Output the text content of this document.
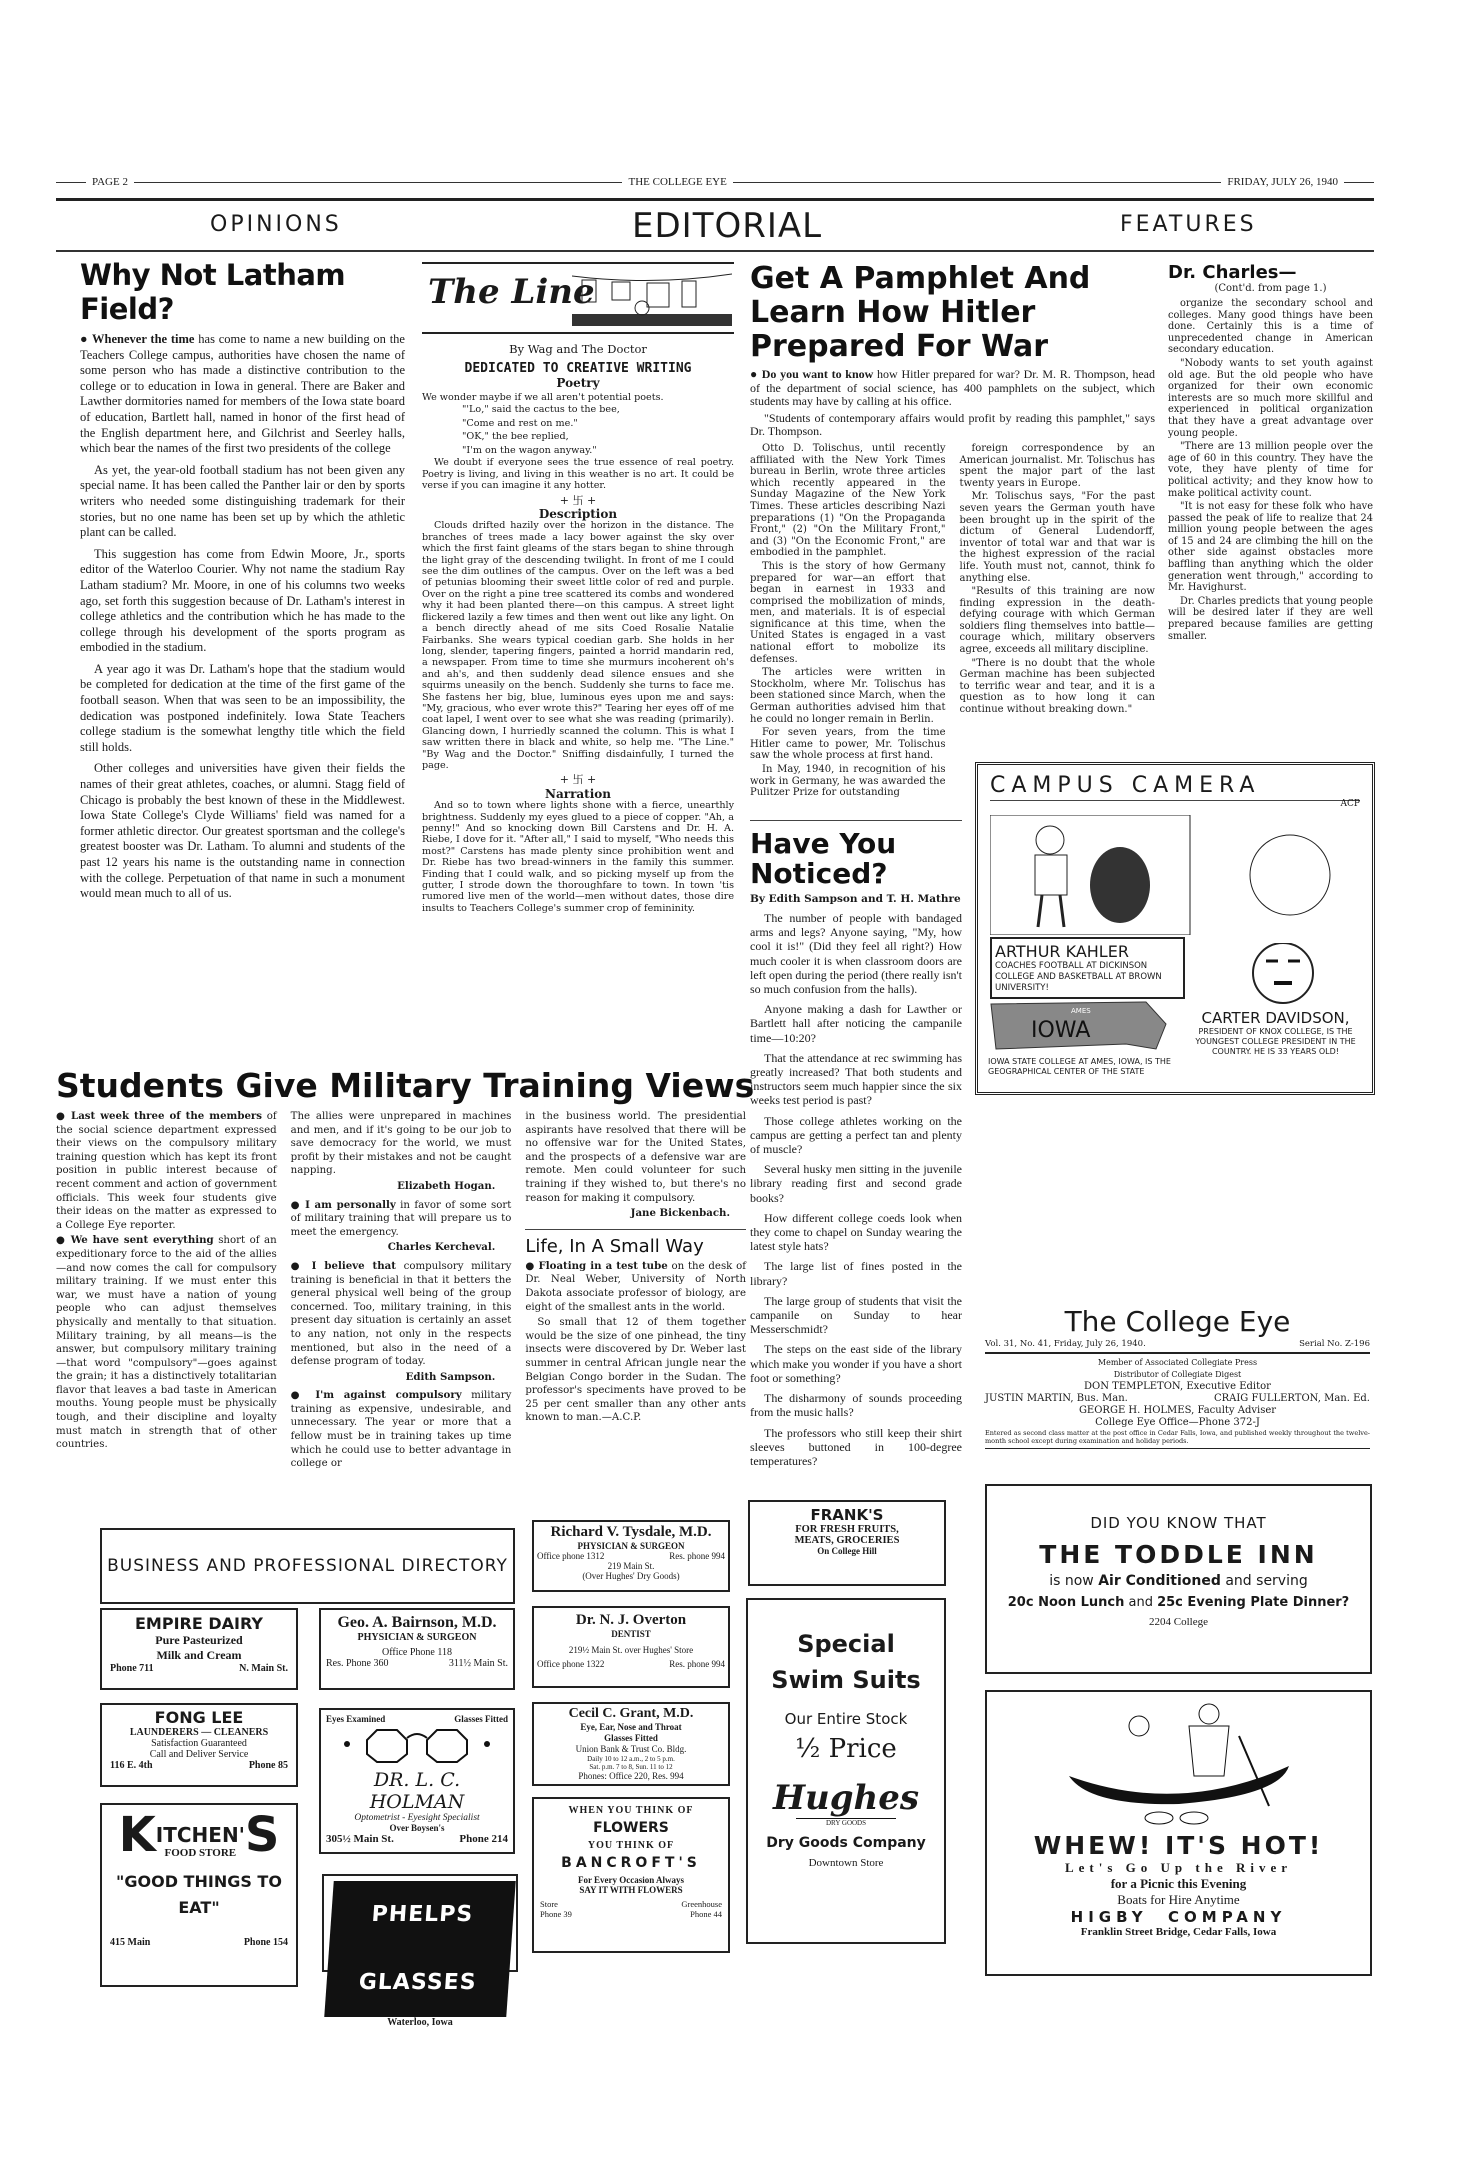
PAGE 2	THE COLLEGE EYE	FRIDAY, JULY 26, 1940
OPINIONS	EDITORIAL	FEATURES
Why Not Latham Field?

● Whenever the time has come to name a new building on the Teachers College campus, authorities have chosen the name of some person who has made a distinctive contribution to the college or to education in Iowa in general. There are Baker and Lawther dormitories named for members of the Iowa state board of education, Bartlett hall, named in honor of the first head of the English department here, and Gilchrist and Seerley halls, which bear the names of the first two presidents of the college

As yet, the year-old football stadium has not been given any special name. It has been called the Panther lair or den by sports writers who needed some distinguishing trademark for their stories, but no one name has been set up by which the athletic plant can be called.

This suggestion has come from Edwin Moore, Jr., sports editor of the Waterloo Courier. Why not name the stadium Ray Latham stadium? Mr. Moore, in one of his columns two weeks ago, set forth this suggestion because of Dr. Latham's interest in college athletics and the contribution which he has made to the college through his development of the sports program as embodied in the stadium.

A year ago it was Dr. Latham's hope that the stadium would be completed for dedication at the time of the first game of the football season. When that was seen to be an impossibility, the dedication was postponed indefinitely. Iowa State Teachers college stadium is the somewhat lengthy title which the field still holds.

Other colleges and universities have given their fields the names of their great athletes, coaches, or alumni. Stagg field of Chicago is probably the best known of these in the Middlewest. Iowa State College's Clyde Williams' field was named for a former athletic director. Our greatest sportsman and the college's greatest booster was Dr. Latham. To alumni and students of the past 12 years his name is the outstanding name in connection with the college. Perpetuation of that name in such a monument would mean much to all of us.

The Line
By Wag and The Doctor
DEDICATED TO CREATIVE WRITING
Poetry
We wonder maybe if we all aren't potential poets.
"'Lo," said the cactus to the bee,
"Come and rest on me."
"OK," the bee replied,
"I'm on the wagon anyway."

We doubt if everyone sees the true essence of real poetry. Poetry is living, and living in this weather is no art. It could be verse if you can imagine it any hotter.

+ 卐 +
Description

Clouds drifted hazily over the horizon in the distance. The branches of trees made a lacy bower against the sky over which the first faint gleams of the stars began to shine through the light gray of the descending twilight. In front of me I could see the dim outlines of the campus. Over on the left was a bed of petunias blooming their sweet little color of red and purple. Over on the right a pine tree scattered its combs and wondered why it had been planted there—on this campus. A street light flickered lazily a few times and then went out like any light. On a bench directly ahead of me sits Coed Rosalie Natalie Fairbanks. She wears typical coedian garb. She holds in her long, slender, tapering fingers, painted a horrid mandarin red, a newspaper. From time to time she murmurs incoherent oh's and ah's, and then suddenly dead silence ensues and she squirms uneasily on the bench. Suddenly she turns to face me. She fastens her big, blue, luminous eyes upon me and says: "My, gracious, who ever wrote this?" Tearing her eyes off of me coat lapel, I went over to see what she was reading (primarily). Glancing down, I hurriedly scanned the column. This is what I saw written there in black and white, so help me. "The Line." "By Wag and the Doctor." Sniffing disdainfully, I turned the page.

+ 卐 +
Narration

And so to town where lights shone with a fierce, unearthly brightness. Suddenly my eyes glued to a piece of copper. "Ah, a penny!" And so knocking down Bill Carstens and Dr. H. A. Riebe, I dove for it. "After all," I said to myself, "Who needs this most?" Carstens has made plenty since prohibition went and Dr. Riebe has two bread-winners in the family this summer. Finding that I could walk, and so picking myself up from the gutter, I strode down the thoroughfare to town. In town 'tis rumored live men of the world—men without dates, those dire insults to Teachers College's summer crop of femininity.

Get A Pamphlet And Learn How Hitler Prepared For War

● Do you want to know how Hitler prepared for war? Dr. M. R. Thompson, head of the department of social science, has 400 pamphlets on the subject, which students may have by calling at his office.

"Students of contemporary affairs would profit by reading this pamphlet," says Dr. Thompson.

Otto D. Tolischus, until recently affiliated with the New York Times bureau in Berlin, wrote three articles which recently appeared in the Sunday Magazine of the New York Times. These articles describing Nazi preparations (1) "On the Propaganda Front," (2) "On the Military Front," and (3) "On the Economic Front," are embodied in the pamphlet.

This is the story of how Germany prepared for war—an effort that began in earnest in 1933 and comprised the mobilization of minds, men, and materials. It is of especial significance at this time, when the United States is engaged in a vast national effort to mobolize its defenses.

The articles were written in Stockholm, where Mr. Tolischus has been stationed since March, when the German authorities advised him that he could no longer remain in Berlin.

For seven years, from the time Hitler came to power, Mr. Tolischus saw the whole process at first hand.

In May, 1940, in recognition of his work in Germany, he was awarded the Pulitzer Prize for outstanding

foreign correspondence by an American journalist. Mr. Tolischus has spent the major part of the last twenty years in Europe.

Mr. Tolischus says, "For the past seven years the German youth have been brought up in the spirit of the dictum of General Ludendorff, inventor of total war and that war is the highest expression of the racial life. Youth must not, cannot, think fo anything else.

"Results of this training are now finding expression in the death-defying courage with which German soldiers fling themselves into battle—courage which, military observers agree, exceeds all military discipline.

"There is no doubt that the whole German machine has been subjected to terrific wear and tear, and it is a question as to how long it can continue without breaking down."

Dr. Charles—
(Cont'd. from page 1.)

organize the secondary school and colleges. Many good things have been done. Certainly this is a time of unprecedented change in American secondary education.

"Nobody wants to set youth against old age. But the old people who have organized for their own economic interests are so much more skillful and experienced in political organization that they have a great advantage over young people.

"There are 13 million people over the age of 60 in this country. They have the vote, they have plenty of time for political activity; and they know how to make political activity count.

"It is not easy for these folk who have passed the peak of life to realize that 24 million young people between the ages of 15 and 24 are climbing the hill on the other side against obstacles more baffling than anything which the older generation went through," according to Mr. Havighurst.

Dr. Charles predicts that young people will be desired later if they are well prepared because families are getting smaller.

Have You Noticed?
By Edith Sampson and T. H. Mathre

The number of people with bandaged arms and legs? Anyone saying, "My, how cool it is!" (Did they feel all right?) How much cooler it is when classroom doors are left open during the period (there really isn't so much confusion from the halls).

Anyone making a dash for Lawther or Bartlett hall after noticing the campanile time—10:20?

That the attendance at rec swimming has greatly increased? That both students and instructors seem much happier since the six weeks test period is past?

Those college athletes working on the campus are getting a perfect tan and plenty of muscle?

Several husky men sitting in the juvenile library reading first and second grade books?

How different college coeds look when they come to chapel on Sunday wearing the latest style hats?

The large list of fines posted in the library?

The large group of students that visit the campanile on Sunday to hear Messerschmidt?

The steps on the east side of the library which make you wonder if you have a short foot or something?

The disharmony of sounds proceeding from the music halls?

The professors who still keep their shirt sleeves buttoned in 100-degree temperatures?

CAMPUS CAMERA
ACP
ARTHUR KAHLER
COACHES FOOTBALL AT DICKINSON COLLEGE AND BASKETBALL AT BROWN UNIVERSITY!
IOWA
AMES
IOWA STATE COLLEGE AT AMES, IOWA, IS THE GEOGRAPHICAL CENTER OF THE STATE
CARTER DAVIDSON,
PRESIDENT OF KNOX COLLEGE, IS THE YOUNGEST COLLEGE PRESIDENT IN THE COUNTRY. HE IS 33 YEARS OLD!
The College Eye
Vol. 31, No. 41, Friday, July 26, 1940.	Serial No. Z-196
Member of Associated Collegiate Press
Distributor of Collegiate Digest
DON TEMPLETON, Executive Editor
JUSTIN MARTIN, Bus. Man.	CRAIG FULLERTON, Man. Ed.
GEORGE H. HOLMES, Faculty Adviser
College Eye Office—Phone 372-J
Entered as second class matter at the post office in Cedar Falls, Iowa, and published weekly throughout the twelve-month school except during examination and holiday periods.
Students Give Military Training Views

● Last week three of the members of the social science department expressed their views on the compulsory military training question which has kept its front position in public interest because of recent comment and action of government officials. This week four students give their ideas on the matter as expressed to a College Eye reporter.

● We have sent everything short of an expeditionary force to the aid of the allies—and now comes the call for compulsory military training. If we must enter this war, we must have a nation of young people who can adjust themselves physically and mentally to that situation. Military training, by all means—is the answer, but compulsory military training—that word "compulsory"—goes against the grain; it has a distinctively totalitarian flavor that leaves a bad taste in American mouths. Young people must be physically tough, and their discipline and loyalty must match in strength that of other countries.

The allies were unprepared in machines and men, and if it's going to be our job to save democracy for the world, we must profit by their mistakes and not be caught napping.

Elizabeth Hogan.

● I am personally in favor of some sort of military training that will prepare us to meet the emergency.

Charles Kercheval.

● I believe that compulsory military training is beneficial in that it betters the general physical well being of the group concerned. Too, military training, in this present day situation is certainly an asset to any nation, not only in the respects mentioned, but also in the need of a defense program of today.

Edith Sampson.

● I'm against compulsory military training as expensive, undesirable, and unnecessary. The year or more that a fellow must be in training takes up time which he could use to better advantage in college or

in the business world. The presidential aspirants have resolved that there will be no offensive war for the United States, and the prospects of a defensive war are remote. Men could volunteer for such training if they wished to, but there's no reason for making it compulsory.

Jane Bickenbach.
Life, In A Small Way

● Floating in a test tube on the desk of Dr. Neal Weber, University of North Dakota associate professor of biology, are eight of the smallest ants in the world.

So small that 12 of them together would be the size of one pinhead, the tiny insects were discovered by Dr. Weber last summer in central African jungle near the Belgian Congo border in the Sudan. The professor's speciments have proved to be 25 per cent smaller than any other ants known to man.—A.C.P.

BUSINESS AND PROFESSIONAL DIRECTORY
EMPIRE DAIRY
Pure Pasteurized
Milk and Cream
Phone 711	N. Main St.
FONG LEE
LAUNDERERS — CLEANERS
Satisfaction Guaranteed
Call and Deliver Service
116 E. 4th	Phone 85
K ITCHEN'
FOOD STORE S
"GOOD THINGS TO EAT"
415 Main	Phone 154
Geo. A. Bairnson, M.D.
PHYSICIAN & SURGEON
Office Phone 118
Res. Phone 360	311½ Main St.
Eyes Examined	Glasses Fitted
DR. L. C. HOLMAN
Optometrist - Eyesight Specialist
Over Boysen's
305½ Main St.	Phone 214
PHELPS GLASSES
Waterloo, Iowa
Richard V. Tysdale, M.D.
PHYSICIAN & SURGEON
Office phone 1312	Res. phone 994
219 Main St.
(Over Hughes' Dry Goods)
Dr. N. J. Overton
DENTIST
219½ Main St. over Hughes' Store
Office phone 1322	Res. phone 994
Cecil C. Grant, M.D.
Eye, Ear, Nose and Throat
Glasses Fitted
Union Bank & Trust Co. Bldg.
Daily 10 to 12 a.m., 2 to 5 p.m.
Sat. p.m. 7 to 8, Sun. 11 to 12
Phones: Office 220, Res. 994
WHEN YOU THINK OF
FLOWERS
YOU THINK OF
BANCROFT'S
For Every Occasion Always
SAY IT WITH FLOWERS
Store
Phone 39
Greenhouse
Phone 44
FRANK'S
FOR FRESH FRUITS,
MEATS, GROCERIES
On College Hill
Special
Swim Suits
Our Entire Stock
½ Price
Hughes
DRY GOODS
Dry Goods Company
Downtown Store
DID YOU KNOW THAT
THE TODDLE INN
is now Air Conditioned and serving
20c Noon Lunch and 25c Evening Plate Dinner?
2204 College
WHEW! IT'S HOT!
Let's Go Up the River
for a Picnic this Evening
Boats for Hire Anytime
HIGBY  COMPANY
Franklin Street Bridge, Cedar Falls, Iowa
